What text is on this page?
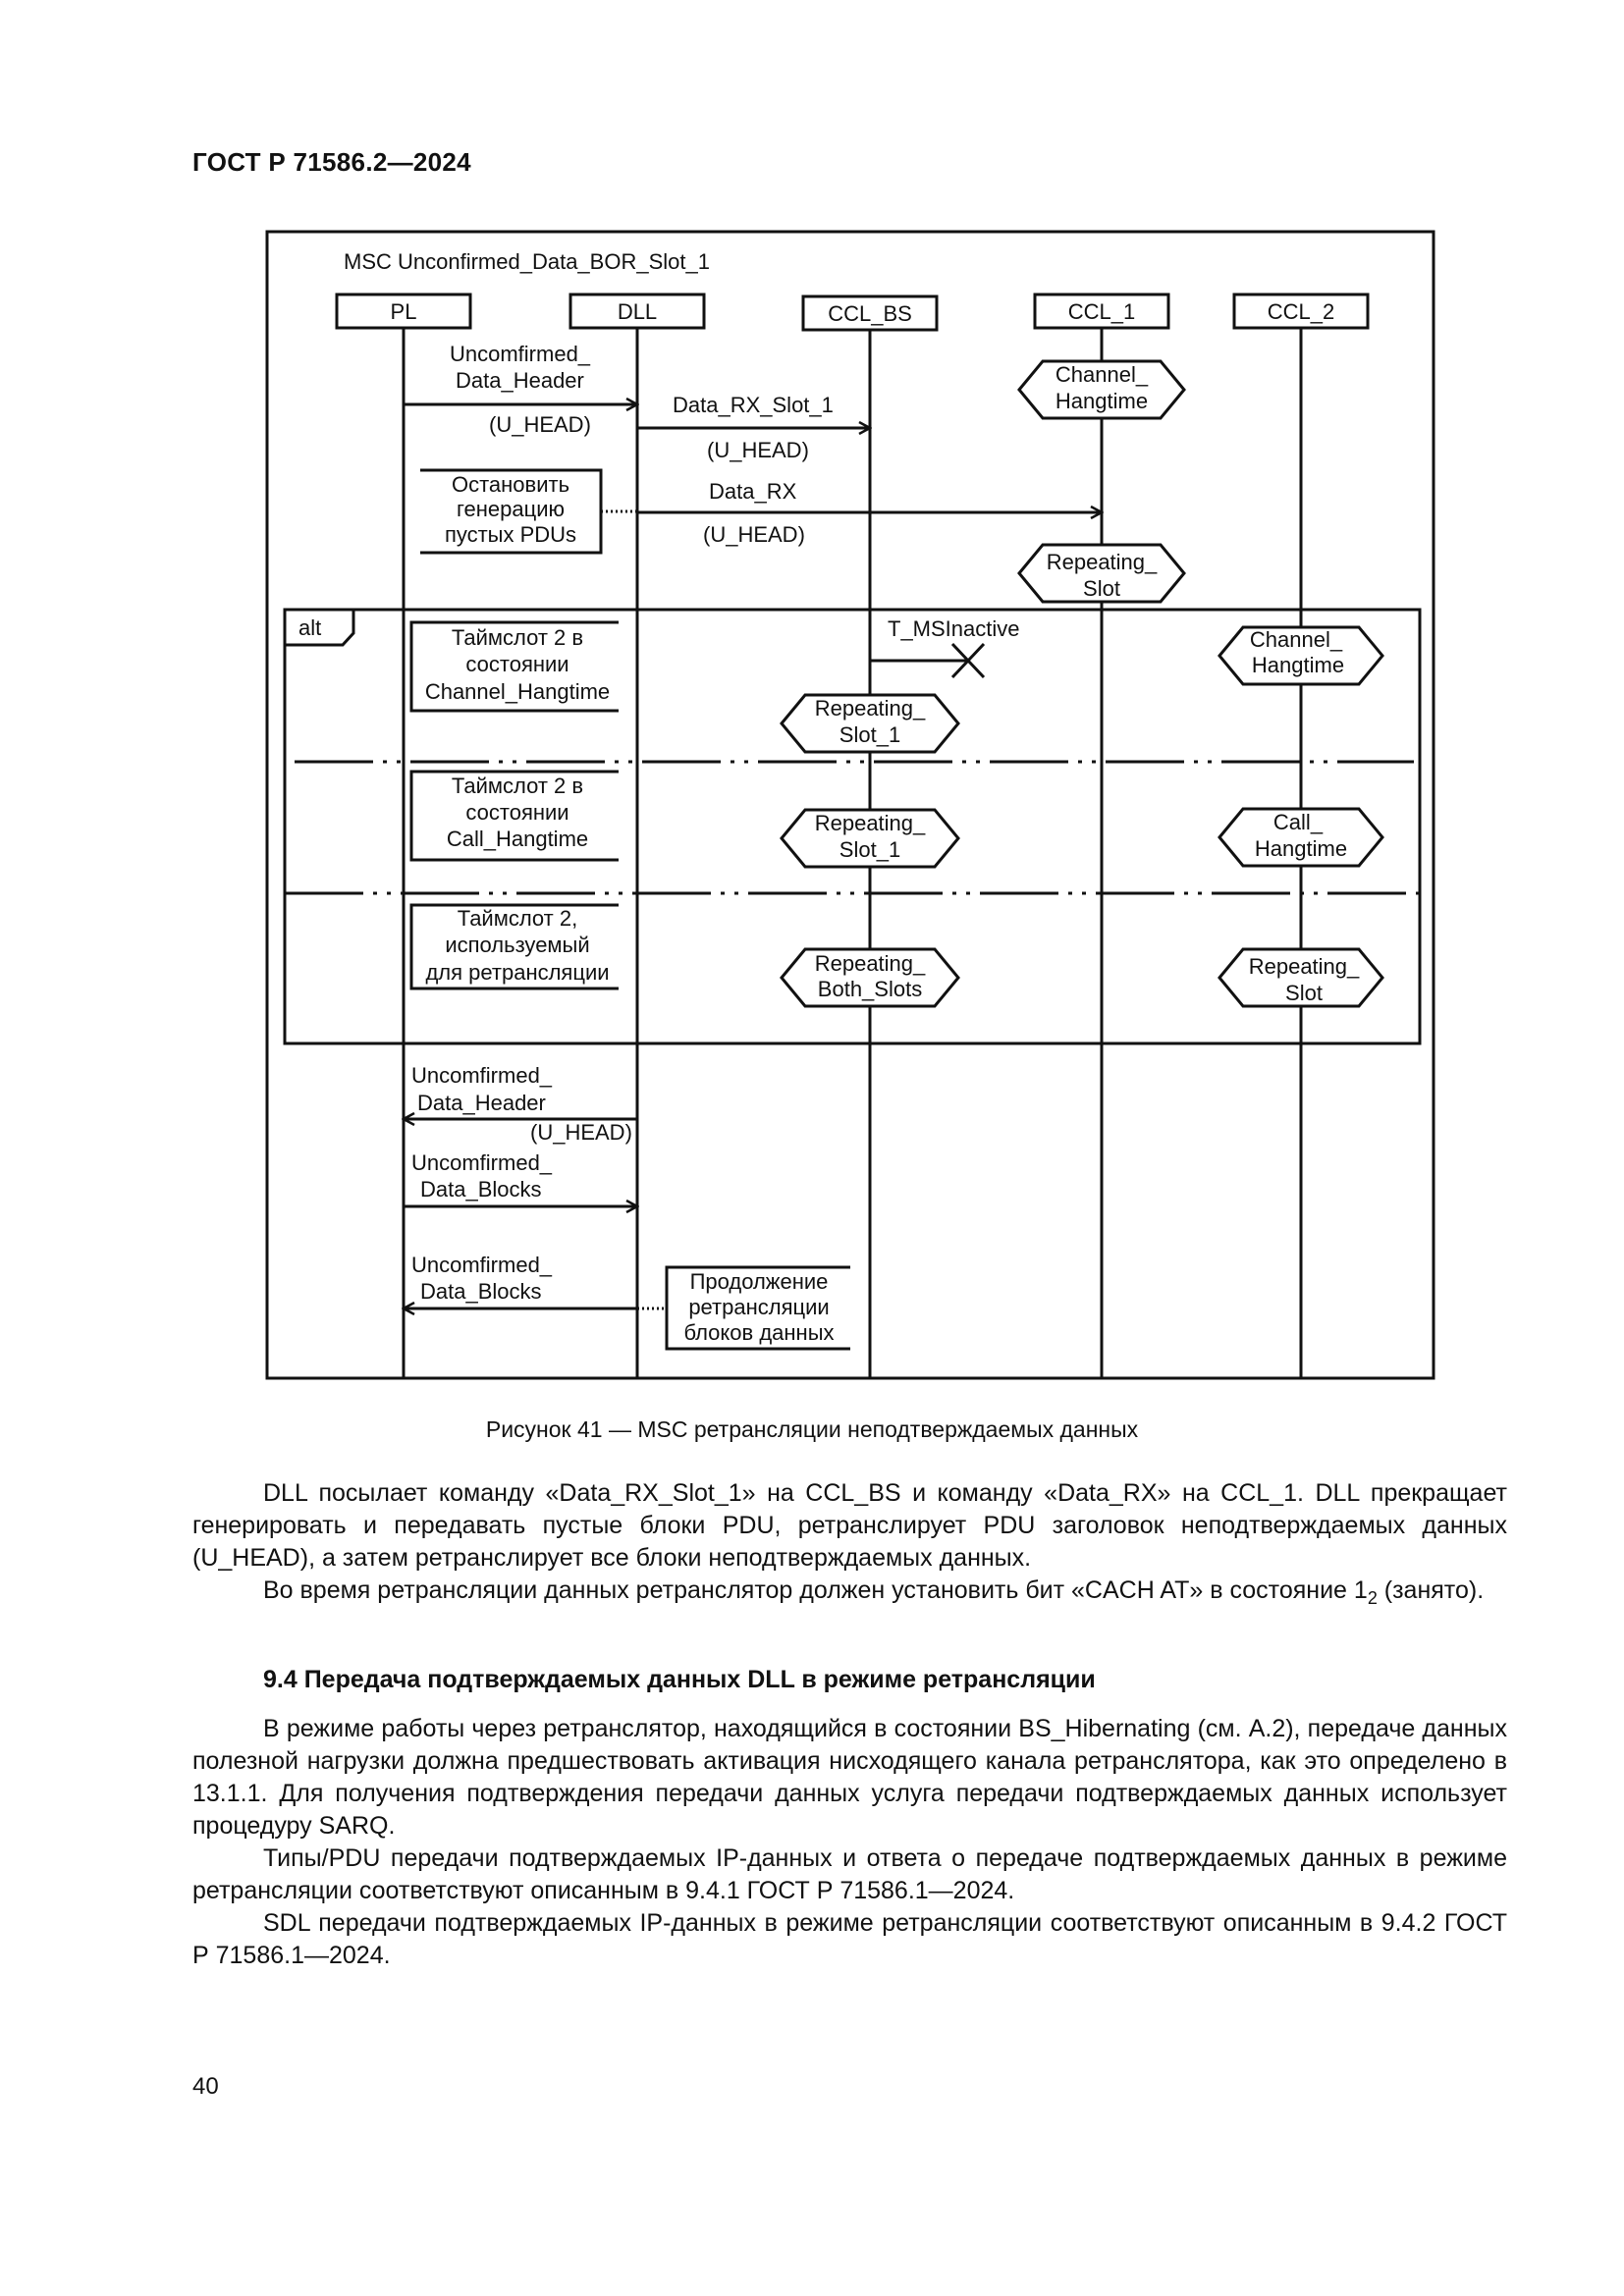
ГОСТ Р 71586.2—2024
MSC Unconfirmed_Data_BOR_Slot_1
PL	DLL	CCL_BS	CCL_1	CCL_2
Uncomfirmed_
Data_Header
(U_HEAD)
Data_RX_Slot_1
(U_HEAD)
Остановить
генерацию
пустых PDUs
Data_RX
(U_HEAD)
Channel_
Hangtime
Repeating_
Slot
alt	Таймслот 2 в
состоянии
Channel_Hangtime
T_MSInactive
Repeating_
Slot_1
Channel_
Hangtime
Таймслот 2 в
состоянии
Call_Hangtime
Repeating_
Slot_1
Call_
Hangtime
Таймслот 2,
используемый
для ретрансляции	Repeating_
Both_Slots
Repeating_
Slot
Uncomfirmed_
Data_Header
(U_HEAD)
Uncomfirmed_
Data_Blocks
Продолжение
ретрансляции
блоков данных
Uncomfirmed_
Data_Blocks
Рисунок 41 — MSC ретрансляции неподтверждаемых данных

DLL посылает команду «Data_RX_Slot_1» на CCL_BS и команду «Data_RX» на CCL_1. DLL прекращает генерировать и передавать пустые блоки PDU, ретранслирует PDU заголовок неподтверждаемых данных (U_HEAD), а затем ретранслирует все блоки неподтверждаемых данных.

Во время ретрансляции данных ретранслятор должен установить бит «CACH AT» в состояние $1_2$ (занято).

9.4 Передача подтверждаемых данных DLL в режиме ретрансляции

В режиме работы через ретранслятор, находящийся в состоянии BS_Hibernating (см. А.2), передаче данных полезной нагрузки должна предшествовать активация нисходящего канала ретранслятора, как это определено в 13.1.1. Для получения подтверждения передачи данных услуга передачи подтверждаемых данных использует процедуру SARQ.

Типы/PDU передачи подтверждаемых IP-данных и ответа о передаче подтверждаемых данных в режиме ретрансляции соответствуют описанным в 9.4.1 ГОСТ Р 71586.1—2024.

SDL передачи подтверждаемых IP-данных в режиме ретрансляции соответствуют описанным в 9.4.2 ГОСТ Р 71586.1—2024.

40
